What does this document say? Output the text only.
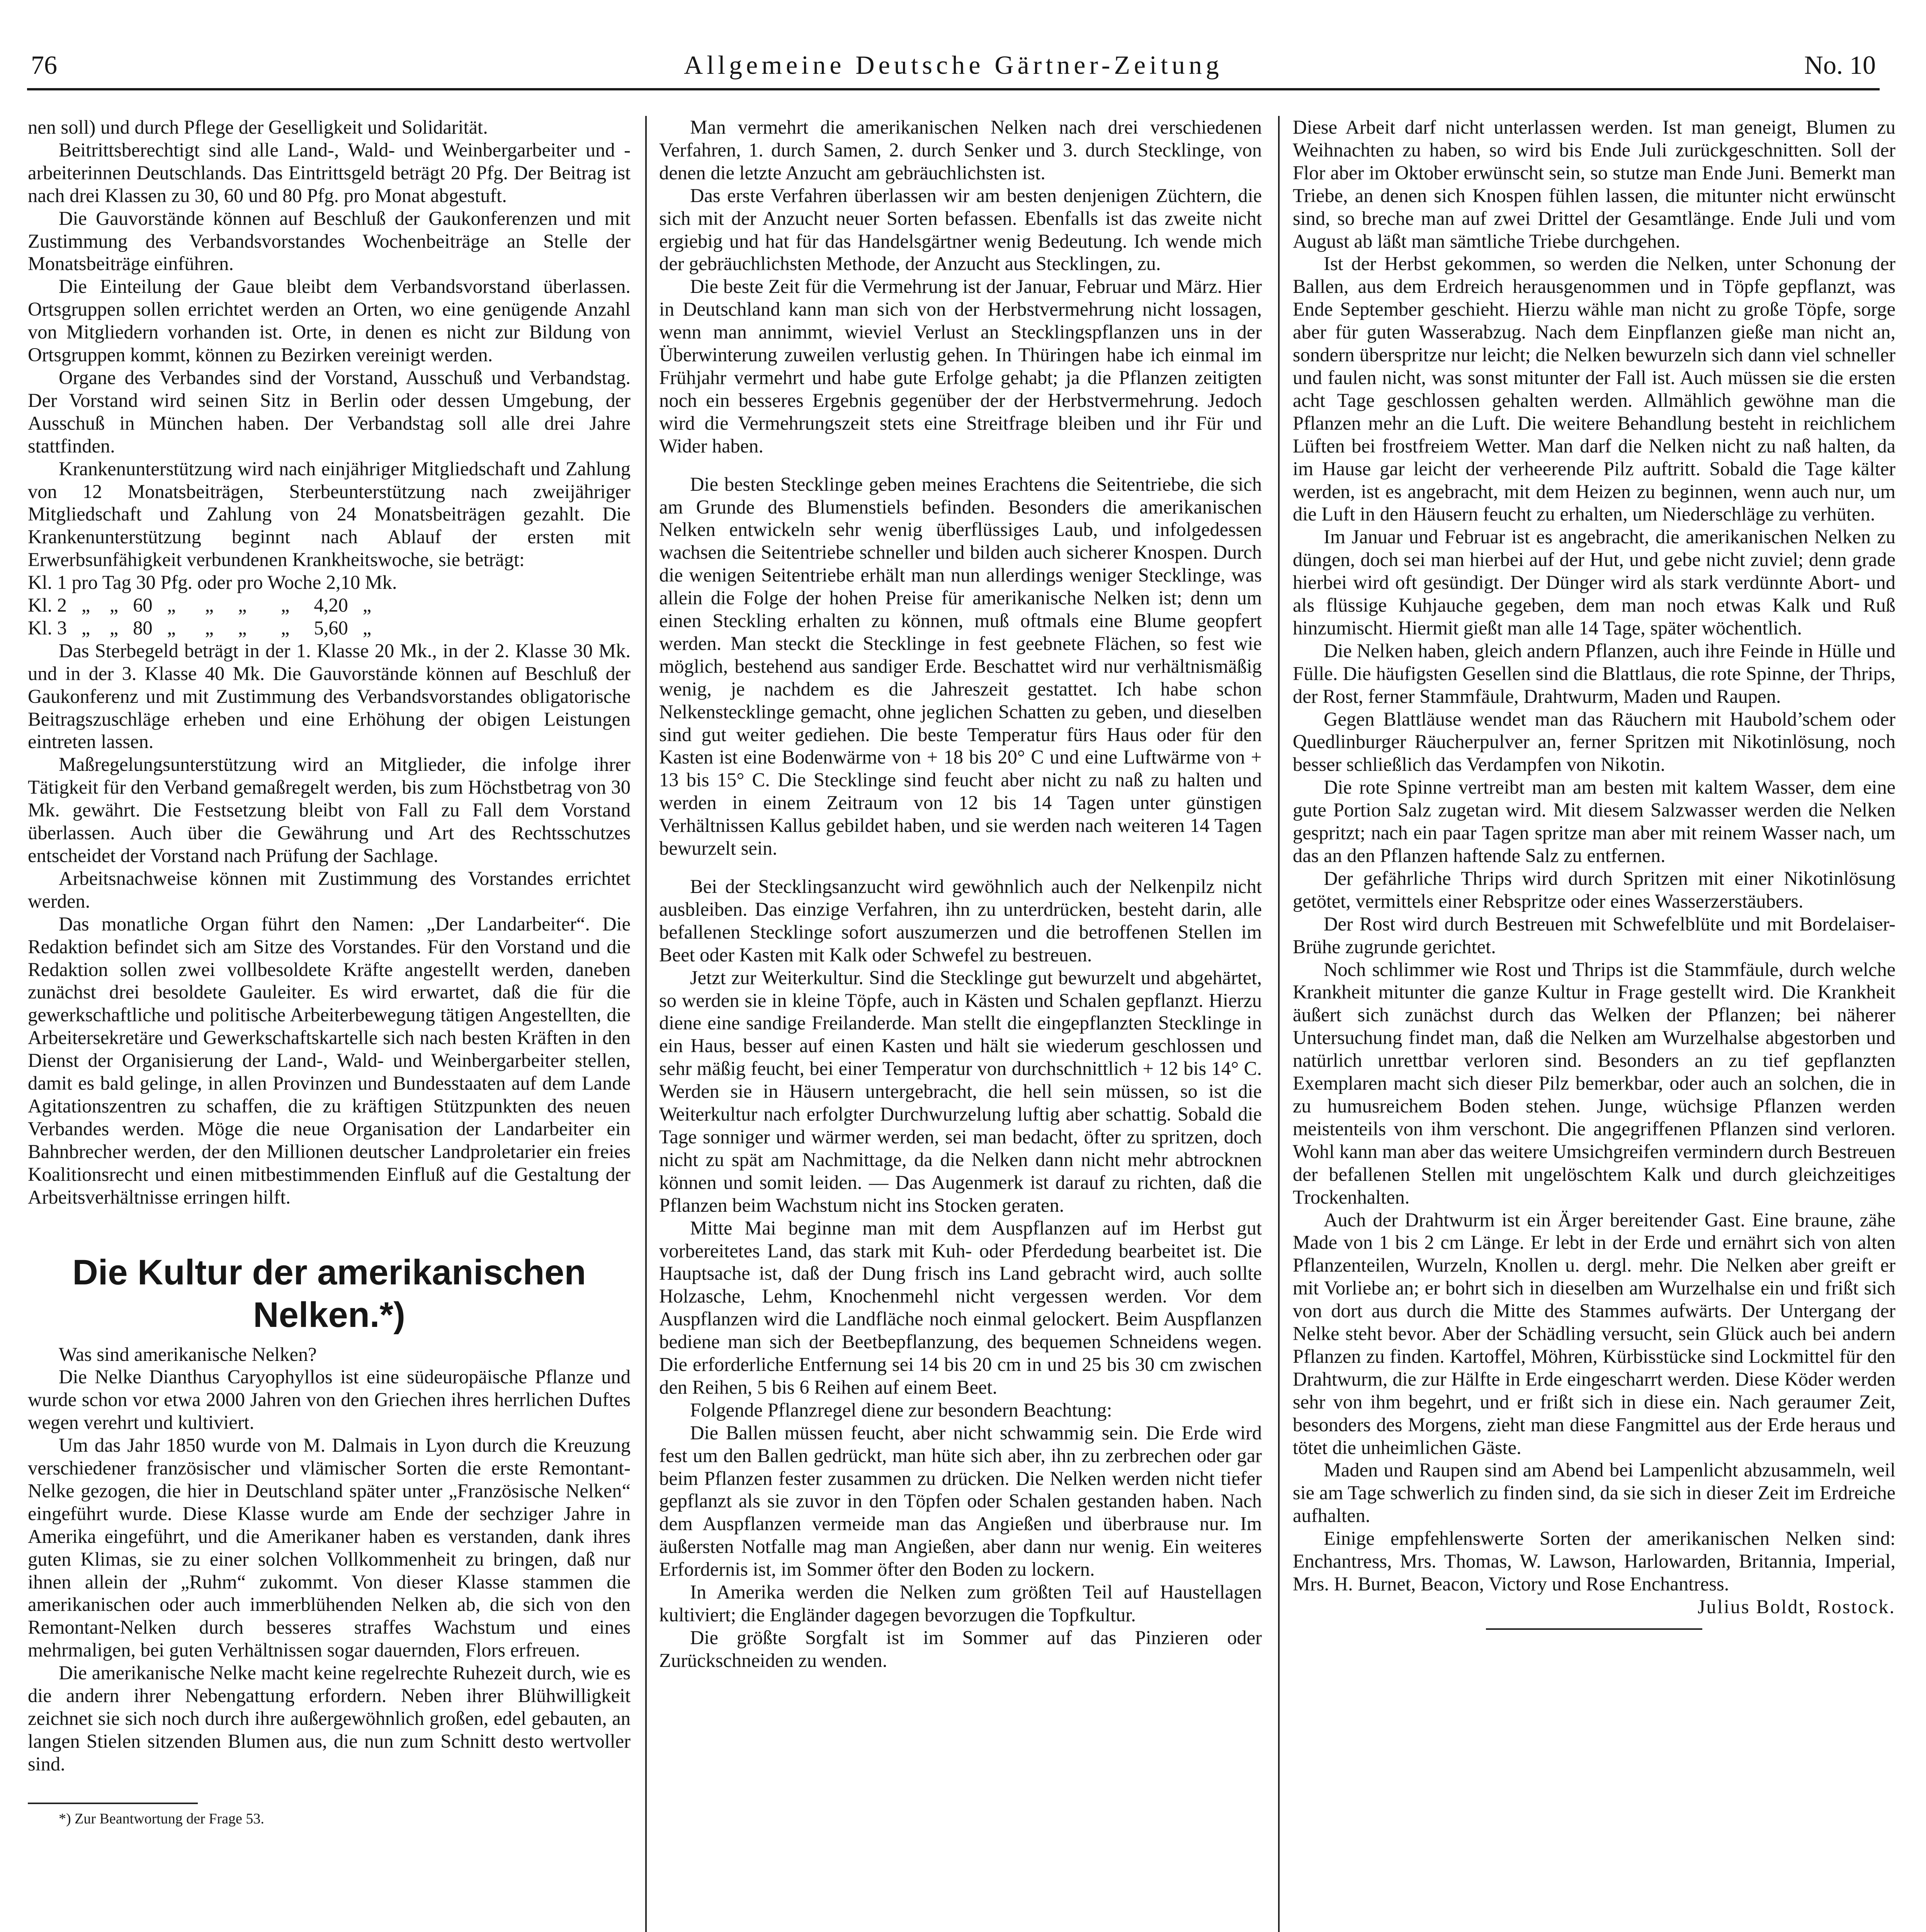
76	Allgemeine Deutsche Gärtner-Zeitung	No. 10

nen soll) und durch Pflege der Geselligkeit und Solidarität.

Beitrittsberechtigt sind alle Land-, Wald- und Weinbergarbeiter und -arbeiterinnen Deutschlands. Das Eintrittsgeld beträgt 20 Pfg. Der Beitrag ist nach drei Klassen zu 30, 60 und 80 Pfg. pro Monat abgestuft.

Die Gauvorstände können auf Beschluß der Gaukonferenzen und mit Zustimmung des Verbandsvorstandes Wochenbeiträge an Stelle der Monatsbeiträge einführen.

Die Einteilung der Gaue bleibt dem Verbandsvorstand überlassen. Ortsgruppen sollen errichtet werden an Orten, wo eine genügende Anzahl von Mitgliedern vorhanden ist. Orte, in denen es nicht zur Bildung von Ortsgruppen kommt, können zu Bezirken vereinigt werden.

Organe des Verbandes sind der Vorstand, Ausschuß und Verbandstag. Der Vorstand wird seinen Sitz in Berlin oder dessen Umgebung, der Ausschuß in München haben. Der Verbandstag soll alle drei Jahre stattfinden.

Krankenunterstützung wird nach einjähriger Mitgliedschaft und Zahlung von 12 Monatsbeiträgen, Sterbeunterstützung nach zweijähriger Mitgliedschaft und Zahlung von 24 Monatsbeiträgen gezahlt. Die Krankenunterstützung beginnt nach Ablauf der ersten mit Erwerbsunfähigkeit verbundenen Krankheitswoche, sie beträgt:

Kl. 1 pro Tag 30 Pfg. oder pro Woche 2,10 Mk.

Kl. 2   „    „   60   „      „     „       „     4,20   „

Kl. 3   „    „   80   „      „     „       „     5,60   „

Das Sterbegeld beträgt in der 1. Klasse 20 Mk., in der 2. Klasse 30 Mk. und in der 3. Klasse 40 Mk. Die Gauvorstände können auf Beschluß der Gaukonferenz und mit Zustimmung des Verbandsvorstandes obligatorische Beitragszuschläge erheben und eine Erhöhung der obigen Leistungen eintreten lassen.

Maßregelungsunterstützung wird an Mitglieder, die infolge ihrer Tätigkeit für den Verband gemaßregelt werden, bis zum Höchstbetrag von 30 Mk. gewährt. Die Festsetzung bleibt von Fall zu Fall dem Vorstand überlassen. Auch über die Gewährung und Art des Rechtsschutzes entscheidet der Vorstand nach Prüfung der Sachlage.

Arbeitsnachweise können mit Zustimmung des Vorstandes errichtet werden.

Das monatliche Organ führt den Namen: „Der Landarbeiter“. Die Redaktion befindet sich am Sitze des Vorstandes. Für den Vorstand und die Redaktion sollen zwei vollbesoldete Kräfte angestellt werden, daneben zunächst drei besoldete Gauleiter. Es wird erwartet, daß die für die gewerkschaftliche und politische Arbeiterbewegung tätigen Angestellten, die Arbeitersekretäre und Gewerkschaftskartelle sich nach besten Kräften in den Dienst der Organisierung der Land-, Wald- und Weinbergarbeiter stellen, damit es bald gelinge, in allen Provinzen und Bundesstaaten auf dem Lande Agitationszentren zu schaffen, die zu kräftigen Stützpunkten des neuen Verbandes werden. Möge die neue Organisation der Landarbeiter ein Bahnbrecher werden, der den Millionen deutscher Landproletarier ein freies Koalitionsrecht und einen mitbestimmenden Einfluß auf die Gestaltung der Arbeitsverhältnisse erringen hilft.

Die Kultur der amerikanischen Nelken.*)

Was sind amerikanische Nelken?

Die Nelke Dianthus Caryophyllos ist eine südeuropäische Pflanze und wurde schon vor etwa 2000 Jahren von den Griechen ihres herrlichen Duftes wegen verehrt und kultiviert.

Um das Jahr 1850 wurde von M. Dalmais in Lyon durch die Kreuzung verschiedener französischer und vlämischer Sorten die erste Remontant-Nelke gezogen, die hier in Deutschland später unter „Französische Nelken“ eingeführt wurde. Diese Klasse wurde am Ende der sechziger Jahre in Amerika eingeführt, und die Amerikaner haben es verstanden, dank ihres guten Klimas, sie zu einer solchen Vollkommenheit zu bringen, daß nur ihnen allein der „Ruhm“ zukommt. Von dieser Klasse stammen die amerikanischen oder auch immerblühenden Nelken ab, die sich von den Remontant-Nelken durch besseres straffes Wachstum und eines mehrmaligen, bei guten Verhältnissen sogar dauernden, Flors erfreuen.

Die amerikanische Nelke macht keine regelrechte Ruhezeit durch, wie es die andern ihrer Nebengattung erfordern. Neben ihrer Blühwilligkeit zeichnet sie sich noch durch ihre außergewöhnlich großen, edel gebauten, an langen Stielen sitzenden Blumen aus, die nun zum Schnitt desto wertvoller sind.

*) Zur Beantwortung der Frage 53.

Man vermehrt die amerikanischen Nelken nach drei verschiedenen Verfahren, 1. durch Samen, 2. durch Senker und 3. durch Stecklinge, von denen die letzte Anzucht am gebräuchlichsten ist.

Das erste Verfahren überlassen wir am besten denjenigen Züchtern, die sich mit der Anzucht neuer Sorten befassen. Ebenfalls ist das zweite nicht ergiebig und hat für das Handelsgärtner wenig Bedeutung. Ich wende mich der gebräuchlichsten Methode, der Anzucht aus Stecklingen, zu.

Die beste Zeit für die Vermehrung ist der Januar, Februar und März. Hier in Deutschland kann man sich von der Herbstvermehrung nicht lossagen, wenn man annimmt, wieviel Verlust an Stecklingspflanzen uns in der Überwinterung zuweilen verlustig gehen. In Thüringen habe ich einmal im Frühjahr vermehrt und habe gute Erfolge gehabt; ja die Pflanzen zeitigten noch ein besseres Ergebnis gegenüber der der Herbstvermehrung. Jedoch wird die Vermehrungszeit stets eine Streitfrage bleiben und ihr Für und Wider haben.

Die besten Stecklinge geben meines Erachtens die Seitentriebe, die sich am Grunde des Blumenstiels befinden. Besonders die amerikanischen Nelken entwickeln sehr wenig überflüssiges Laub, und infolgedessen wachsen die Seitentriebe schneller und bilden auch sicherer Knospen. Durch die wenigen Seitentriebe erhält man nun allerdings weniger Stecklinge, was allein die Folge der hohen Preise für amerikanische Nelken ist; denn um einen Steckling erhalten zu können, muß oftmals eine Blume geopfert werden. Man steckt die Stecklinge in fest geebnete Flächen, so fest wie möglich, bestehend aus sandiger Erde. Beschattet wird nur verhältnismäßig wenig, je nachdem es die Jahreszeit gestattet. Ich habe schon Nelkenstecklinge gemacht, ohne jeglichen Schatten zu geben, und dieselben sind gut weiter gediehen. Die beste Temperatur fürs Haus oder für den Kasten ist eine Bodenwärme von + 18 bis 20° C und eine Luftwärme von + 13 bis 15° C. Die Stecklinge sind feucht aber nicht zu naß zu halten und werden in einem Zeitraum von 12 bis 14 Tagen unter günstigen Verhältnissen Kallus gebildet haben, und sie werden nach weiteren 14 Tagen bewurzelt sein.

Bei der Stecklingsanzucht wird gewöhnlich auch der Nelkenpilz nicht ausbleiben. Das einzige Verfahren, ihn zu unterdrücken, besteht darin, alle befallenen Stecklinge sofort auszumerzen und die betroffenen Stellen im Beet oder Kasten mit Kalk oder Schwefel zu bestreuen.

Jetzt zur Weiterkultur. Sind die Stecklinge gut bewurzelt und abgehärtet, so werden sie in kleine Töpfe, auch in Kästen und Schalen gepflanzt. Hierzu diene eine sandige Freilanderde. Man stellt die eingepflanzten Stecklinge in ein Haus, besser auf einen Kasten und hält sie wiederum geschlossen und sehr mäßig feucht, bei einer Temperatur von durchschnittlich + 12 bis 14° C. Werden sie in Häusern untergebracht, die hell sein müssen, so ist die Weiterkultur nach erfolgter Durchwurzelung luftig aber schattig. Sobald die Tage sonniger und wärmer werden, sei man bedacht, öfter zu spritzen, doch nicht zu spät am Nachmittage, da die Nelken dann nicht mehr abtrocknen können und somit leiden. — Das Augenmerk ist darauf zu richten, daß die Pflanzen beim Wachstum nicht ins Stocken geraten.

Mitte Mai beginne man mit dem Auspflanzen auf im Herbst gut vorbereitetes Land, das stark mit Kuh- oder Pferdedung bearbeitet ist. Die Hauptsache ist, daß der Dung frisch ins Land gebracht wird, auch sollte Holzasche, Lehm, Knochenmehl nicht vergessen werden. Vor dem Auspflanzen wird die Landfläche noch einmal gelockert. Beim Auspflanzen bediene man sich der Beetbepflanzung, des bequemen Schneidens wegen. Die erforderliche Entfernung sei 14 bis 20 cm in und 25 bis 30 cm zwischen den Reihen, 5 bis 6 Reihen auf einem Beet.

Folgende Pflanzregel diene zur besondern Beachtung:

Die Ballen müssen feucht, aber nicht schwammig sein. Die Erde wird fest um den Ballen gedrückt, man hüte sich aber, ihn zu zerbrechen oder gar beim Pflanzen fester zusammen zu drücken. Die Nelken werden nicht tiefer gepflanzt als sie zuvor in den Töpfen oder Schalen gestanden haben. Nach dem Auspflanzen vermeide man das Angießen und überbrause nur. Im äußersten Notfalle mag man Angießen, aber dann nur wenig. Ein weiteres Erfordernis ist, im Sommer öfter den Boden zu lockern.

In Amerika werden die Nelken zum größten Teil auf Haustellagen kultiviert; die Engländer dagegen bevorzugen die Topfkultur.

Die größte Sorgfalt ist im Sommer auf das Pinzieren oder Zurückschneiden zu wenden.

Diese Arbeit darf nicht unterlassen werden. Ist man geneigt, Blumen zu Weihnachten zu haben, so wird bis Ende Juli zurückgeschnitten. Soll der Flor aber im Oktober erwünscht sein, so stutze man Ende Juni. Bemerkt man Triebe, an denen sich Knospen fühlen lassen, die mitunter nicht erwünscht sind, so breche man auf zwei Drittel der Gesamtlänge. Ende Juli und vom August ab läßt man sämtliche Triebe durchgehen.

Ist der Herbst gekommen, so werden die Nelken, unter Schonung der Ballen, aus dem Erdreich herausgenommen und in Töpfe gepflanzt, was Ende September geschieht. Hierzu wähle man nicht zu große Töpfe, sorge aber für guten Wasserabzug. Nach dem Einpflanzen gieße man nicht an, sondern überspritze nur leicht; die Nelken bewurzeln sich dann viel schneller und faulen nicht, was sonst mitunter der Fall ist. Auch müssen sie die ersten acht Tage geschlossen gehalten werden. Allmählich gewöhne man die Pflanzen mehr an die Luft. Die weitere Behandlung besteht in reichlichem Lüften bei frostfreiem Wetter. Man darf die Nelken nicht zu naß halten, da im Hause gar leicht der verheerende Pilz auftritt. Sobald die Tage kälter werden, ist es angebracht, mit dem Heizen zu beginnen, wenn auch nur, um die Luft in den Häusern feucht zu erhalten, um Niederschläge zu verhüten.

Im Januar und Februar ist es angebracht, die amerikanischen Nelken zu düngen, doch sei man hierbei auf der Hut, und gebe nicht zuviel; denn grade hierbei wird oft gesündigt. Der Dünger wird als stark verdünnte Abort- und als flüssige Kuhjauche gegeben, dem man noch etwas Kalk und Ruß hinzumischt. Hiermit gießt man alle 14 Tage, später wöchentlich.

Die Nelken haben, gleich andern Pflanzen, auch ihre Feinde in Hülle und Fülle. Die häufigsten Gesellen sind die Blattlaus, die rote Spinne, der Thrips, der Rost, ferner Stammfäule, Drahtwurm, Maden und Raupen.

Gegen Blattläuse wendet man das Räuchern mit Haubold’schem oder Quedlinburger Räucherpulver an, ferner Spritzen mit Nikotinlösung, noch besser schließlich das Verdampfen von Nikotin.

Die rote Spinne vertreibt man am besten mit kaltem Wasser, dem eine gute Portion Salz zugetan wird. Mit diesem Salzwasser werden die Nelken gespritzt; nach ein paar Tagen spritze man aber mit reinem Wasser nach, um das an den Pflanzen haftende Salz zu entfernen.

Der gefährliche Thrips wird durch Spritzen mit einer Nikotinlösung getötet, vermittels einer Rebspritze oder eines Wasserzerstäubers.

Der Rost wird durch Bestreuen mit Schwefelblüte und mit Bordelaiser-Brühe zugrunde gerichtet.

Noch schlimmer wie Rost und Thrips ist die Stammfäule, durch welche Krankheit mitunter die ganze Kultur in Frage gestellt wird. Die Krankheit äußert sich zunächst durch das Welken der Pflanzen; bei näherer Untersuchung findet man, daß die Nelken am Wurzelhalse abgestorben und natürlich unrettbar verloren sind. Besonders an zu tief gepflanzten Exemplaren macht sich dieser Pilz bemerkbar, oder auch an solchen, die in zu humusreichem Boden stehen. Junge, wüchsige Pflanzen werden meistenteils von ihm verschont. Die angegriffenen Pflanzen sind verloren. Wohl kann man aber das weitere Umsichgreifen vermindern durch Bestreuen der befallenen Stellen mit ungelöschtem Kalk und durch gleichzeitiges Trockenhalten.

Auch der Drahtwurm ist ein Ärger bereitender Gast. Eine braune, zähe Made von 1 bis 2 cm Länge. Er lebt in der Erde und ernährt sich von alten Pflanzenteilen, Wurzeln, Knollen u. dergl. mehr. Die Nelken aber greift er mit Vorliebe an; er bohrt sich in dieselben am Wurzelhalse ein und frißt sich von dort aus durch die Mitte des Stammes aufwärts. Der Untergang der Nelke steht bevor. Aber der Schädling versucht, sein Glück auch bei andern Pflanzen zu finden. Kartoffel, Möhren, Kürbisstücke sind Lockmittel für den Drahtwurm, die zur Hälfte in Erde eingescharrt werden. Diese Köder werden sehr von ihm begehrt, und er frißt sich in diese ein. Nach geraumer Zeit, besonders des Morgens, zieht man diese Fangmittel aus der Erde heraus und tötet die unheimlichen Gäste.

Maden und Raupen sind am Abend bei Lampenlicht abzusammeln, weil sie am Tage schwerlich zu finden sind, da sie sich in dieser Zeit im Erdreiche aufhalten.

Einige empfehlenswerte Sorten der amerikanischen Nelken sind: Enchantress, Mrs. Thomas, W. Lawson, Harlowarden, Britannia, Imperial, Mrs. H. Burnet, Beacon, Victory und Rose Enchantress.

Julius Boldt, Rostock.
